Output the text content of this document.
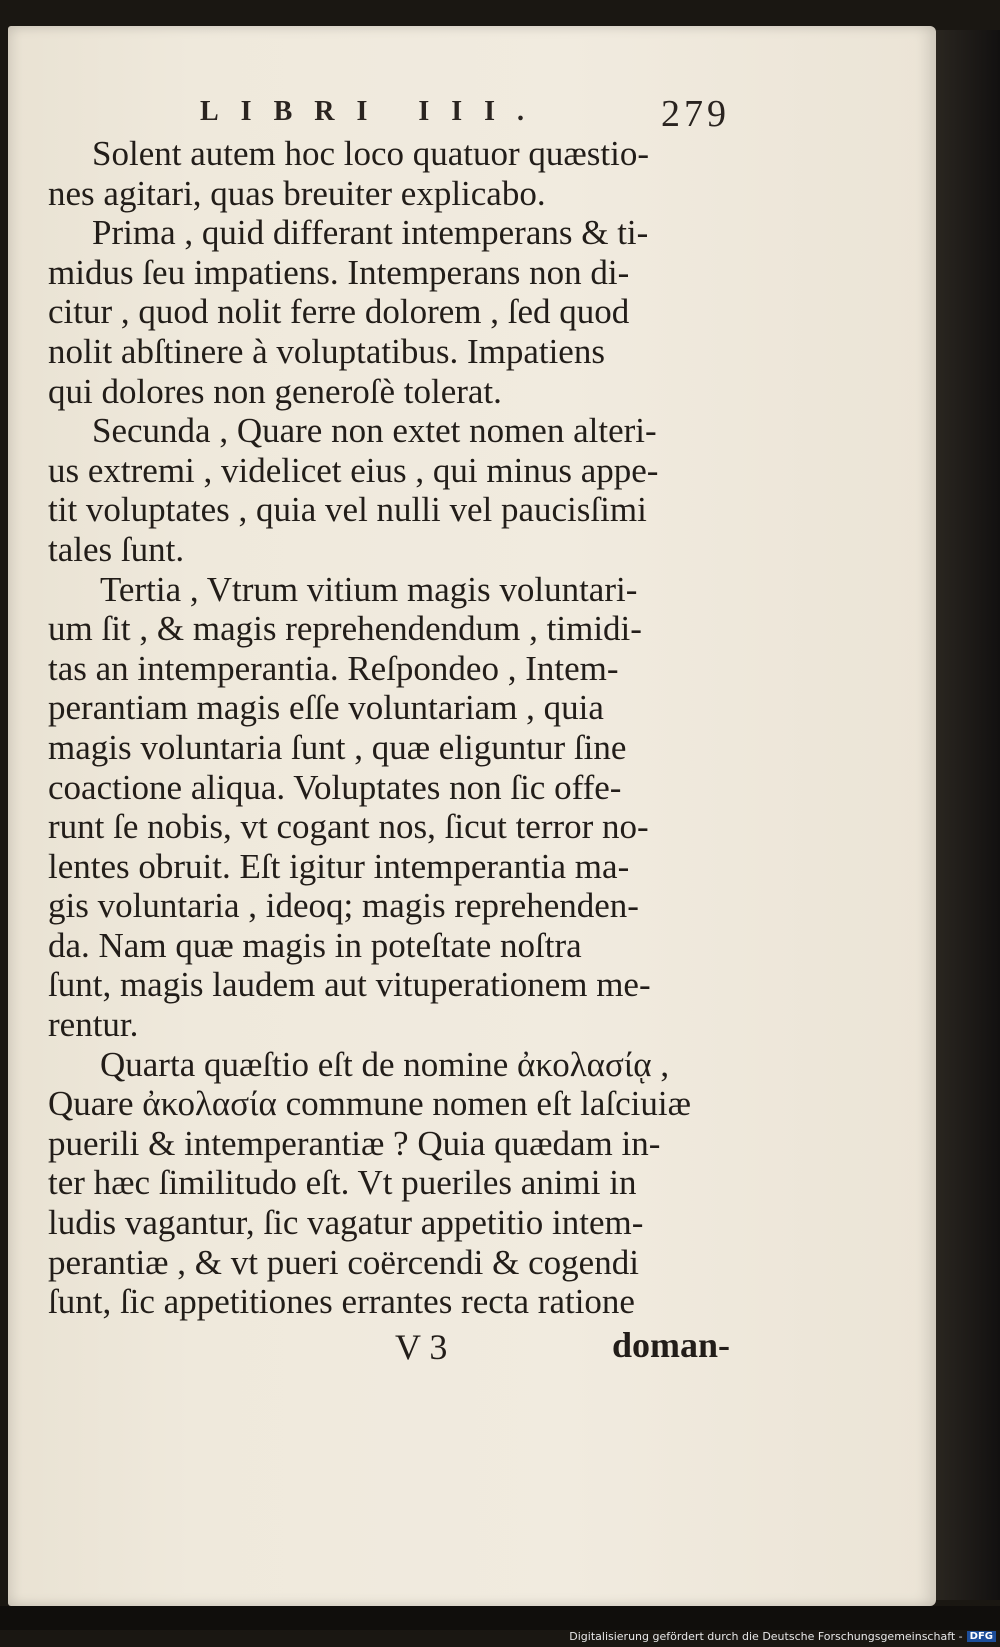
LIBRI III.	279
Solent autem hoc loco quatuor quæstio-
nes agitari, quas breuiter explicabo.
Prima , quid differant intemperans & ti-
midus ſeu impatiens. Intemperans non di-
citur , quod nolit ferre dolorem , ſed quod
nolit abſtinere à voluptatibus. Impatiens
qui dolores non generoſè tolerat.
Secunda , Quare non extet nomen alteri-
us extremi , videlicet eius , qui minus appe-
tit voluptates , quia vel nulli vel paucisſimi
tales ſunt.
Tertia , Vtrum vitium magis voluntari-
um ſit , & magis reprehendendum , timidi-
tas an intemperantia. Reſpondeo , Intem-
perantiam magis eſſe voluntariam , quia
magis voluntaria ſunt , quæ eliguntur ſine
coactione aliqua. Voluptates non ſic offe-
runt ſe nobis, vt cogant nos, ſicut terror no-
lentes obruit. Eſt igitur intemperantia ma-
gis voluntaria , ideoq; magis reprehenden-
da. Nam quæ magis in poteſtate noſtra
ſunt, magis laudem aut vituperationem me-
rentur.
Quarta quæſtio eſt de nomine ἀκολασίᾳ ,
Quare ἀκολασία commune nomen eſt laſciuiæ
puerili & intemperantiæ ? Quia quædam in-
ter hæc ſimilitudo eſt. Vt pueriles animi in
ludis vagantur, ſic vagatur appetitio intem-
perantiæ , & vt pueri coërcendi & cogendi
ſunt, ſic appetitiones errantes recta ratione
V 3	doman-
Digitalisierung gefördert durch die Deutsche Forschungsgemeinschaft - DFG
